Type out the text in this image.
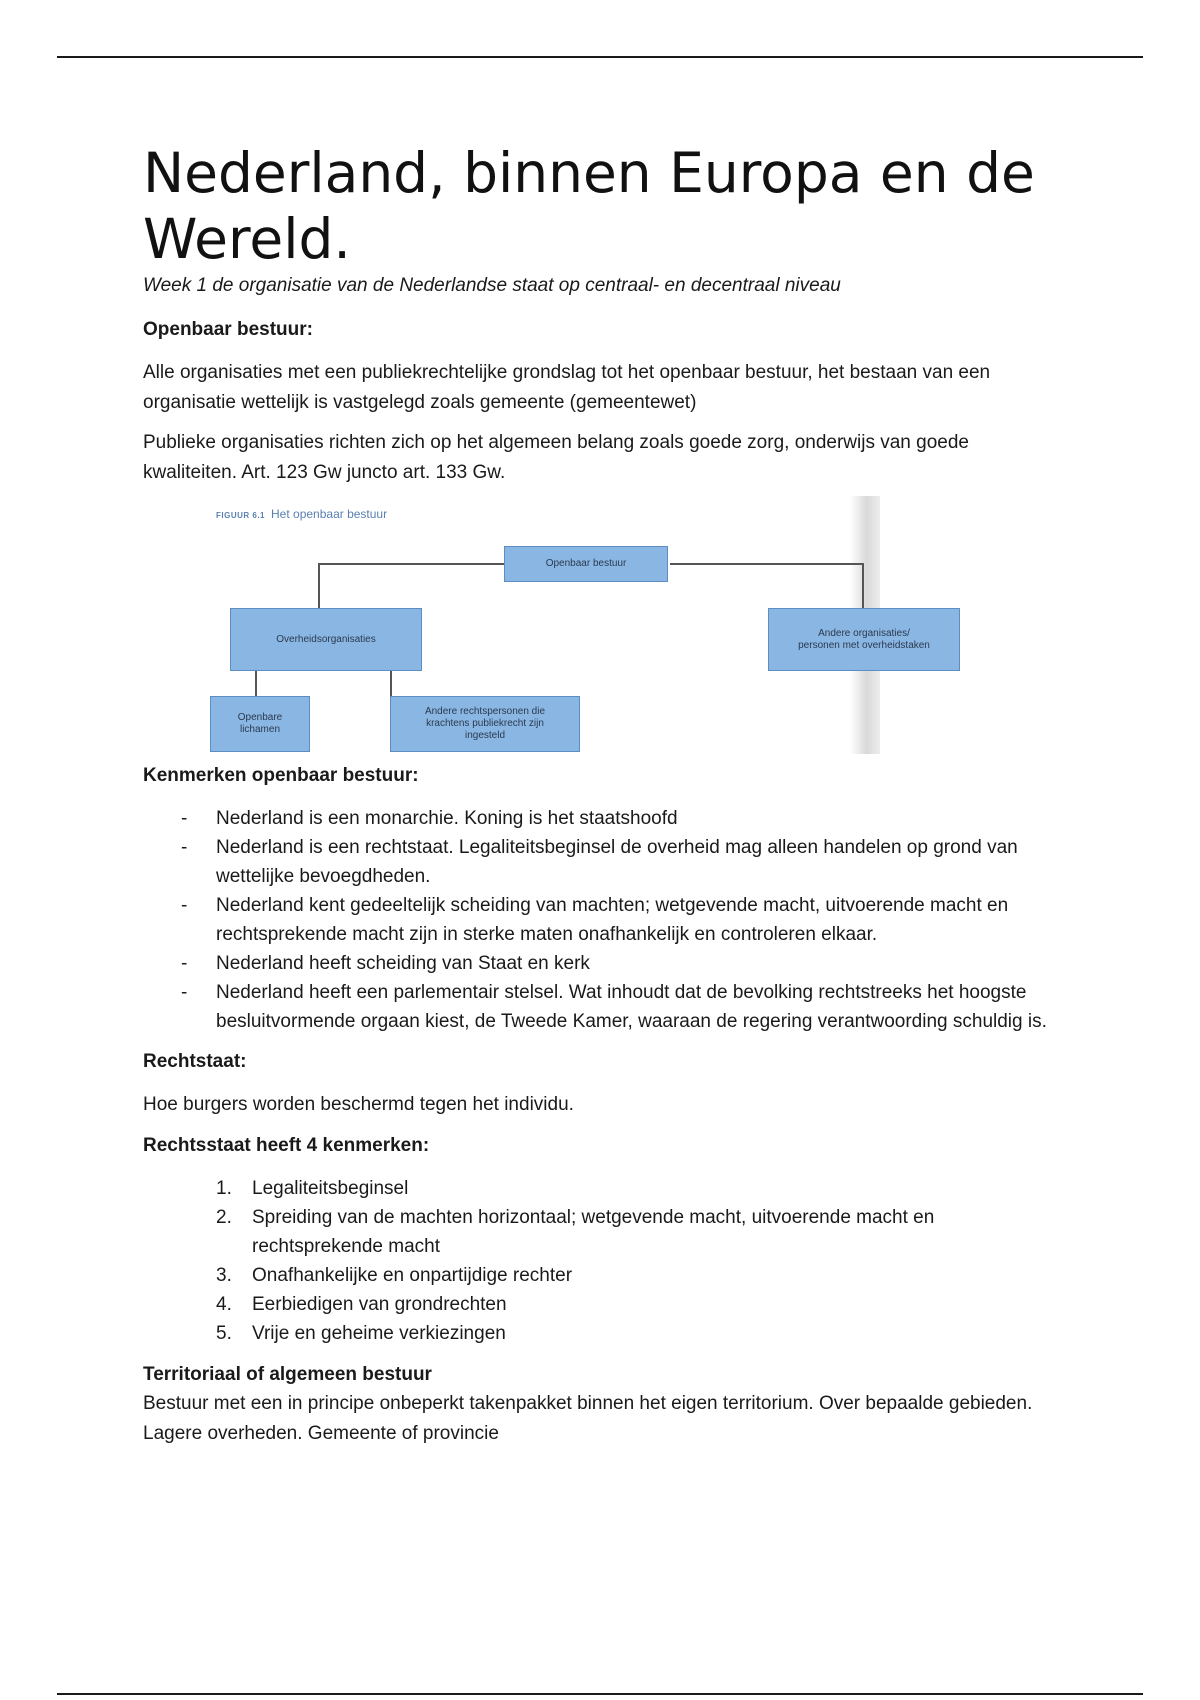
Nederland, binnen Europa en de Wereld.
Week 1 de organisatie van de Nederlandse staat op centraal- en decentraal niveau
Openbaar bestuur:

Alle organisaties met een publiekrechtelijke grondslag tot het openbaar bestuur, het bestaan van een organisatie wettelijk is vastgelegd zoals gemeente (gemeentewet)

Publieke organisaties richten zich op het algemeen belang zoals goede zorg, onderwijs van goede kwaliteiten. Art. 123 Gw juncto art. 133 Gw.

FIGUUR 6.1 Het openbaar bestuur
Openbaar bestuur
Overheidsorganisaties
Andere organisaties/ personen met overheidstaken
Openbare lichamen
Andere rechtspersonen die krachtens publiekrecht zijn ingesteld
Kenmerken openbaar bestuur:
- Nederland is een monarchie. Koning is het staatshoofd
- Nederland is een rechtstaat. Legaliteitsbeginsel de overheid mag alleen handelen op grond van wettelijke bevoegdheden.
- Nederland kent gedeeltelijk scheiding van machten; wetgevende macht, uitvoerende macht en rechtsprekende macht zijn in sterke maten onafhankelijk en controleren elkaar.
- Nederland heeft scheiding van Staat en kerk
- Nederland heeft een parlementair stelsel. Wat inhoudt dat de bevolking rechtstreeks het hoogste besluitvormende orgaan kiest, de Tweede Kamer, waaraan de regering verantwoording schuldig is.
Rechtstaat:

Hoe burgers worden beschermd tegen het individu.

Rechtsstaat heeft 4 kenmerken:
1. Legaliteitsbeginsel
2. Spreiding van de machten horizontaal; wetgevende macht, uitvoerende macht en rechtsprekende macht
3. Onafhankelijke en onpartijdige rechter
4. Eerbiedigen van grondrechten
5. Vrije en geheime verkiezingen
Territoriaal of algemeen bestuur

Bestuur met een in principe onbeperkt takenpakket binnen het eigen territorium. Over bepaalde gebieden. Lagere overheden. Gemeente of provincie
